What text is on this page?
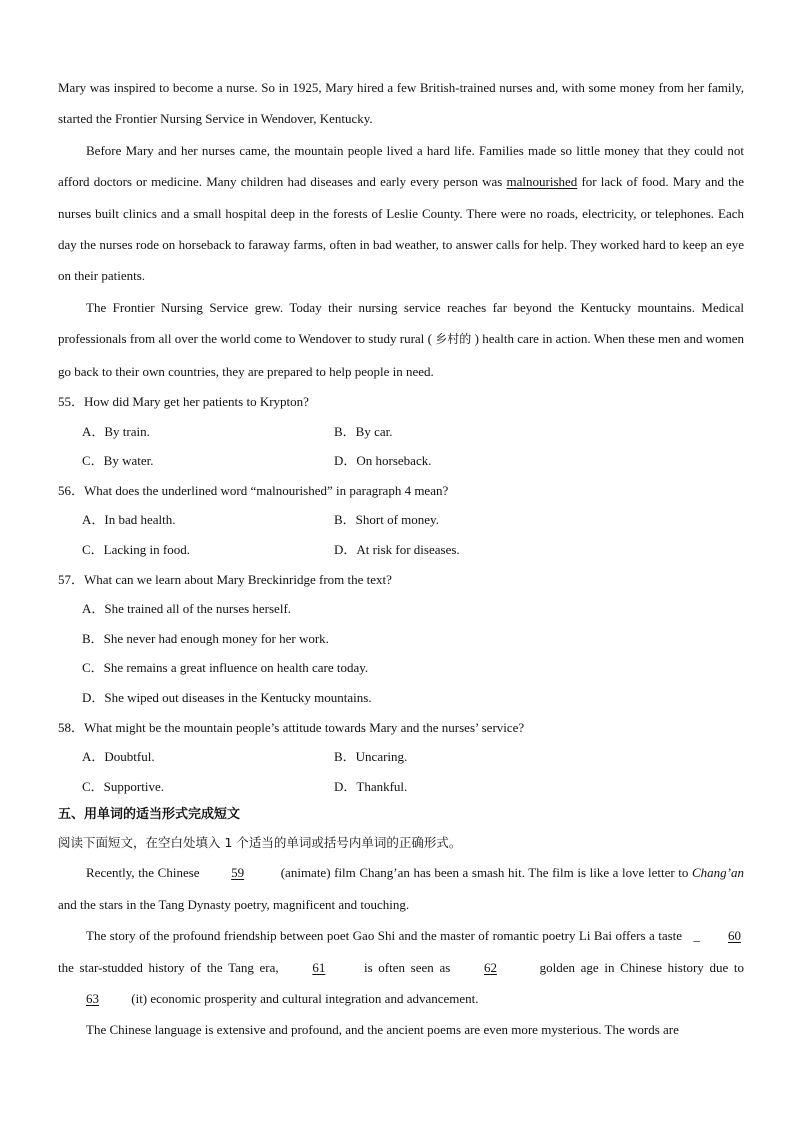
Mary was inspired to become a nurse. So in 1925, Mary hired a few British-trained nurses and, with some money from her family, started the Frontier Nursing Service in Wendover, Kentucky.

Before Mary and her nurses came, the mountain people lived a hard life. Families made so little money that they could not afford doctors or medicine. Many children had diseases and early every person was malnourished for lack of food. Mary and the nurses built clinics and a small hospital deep in the forests of Leslie County. There were no roads, electricity, or telephones. Each day the nurses rode on horseback to faraway farms, often in bad weather, to answer calls for help. They worked hard to keep an eye on their patients.

The Frontier Nursing Service grew. Today their nursing service reaches far beyond the Kentucky mountains. Medical professionals from all over the world come to Wendover to study rural ( 乡村的 ) health care in action. When these men and women go back to their own countries, they are prepared to help people in need.

55．How did Mary get her patients to Krypton?

A．By train.	B．By car.
C．By water.	D．On horseback.

56．What does the underlined word “malnourished” in paragraph 4 mean?

A．In bad health.	B．Short of money.
C．Lacking in food.	D．At risk for diseases.

57．What can we learn about Mary Breckinridge from the text?

A．She trained all of the nurses herself.
B．She never had enough money for her work.
C．She remains a great influence on health care today.
D．She wiped out diseases in the Kentucky mountains.

58．What might be the mountain people’s attitude towards Mary and the nurses’ service?

A．Doubtful.	B．Uncaring.
C．Supportive.	D．Thankful.

五、用单词的适当形式完成短文

阅读下面短文，在空白处填入 1 个适当的单词或括号内单词的正确形式。

Recently, the Chinese 59	(animate) film Chang’an has been a smash hit. The film is like a love letter to Chang’an and the stars in the Tang Dynasty poetry, magnificent and touching.

The story of the profound friendship between poet Gao Shi and the master of romantic poetry Li Bai offers a taste _ 60 the star-studded history of the Tang era, 61	is often seen as 62	golden age in Chinese history due to 63 (it) economic prosperity and cultural integration and advancement.

The Chinese language is extensive and profound, and the ancient poems are even more mysterious. The words are
